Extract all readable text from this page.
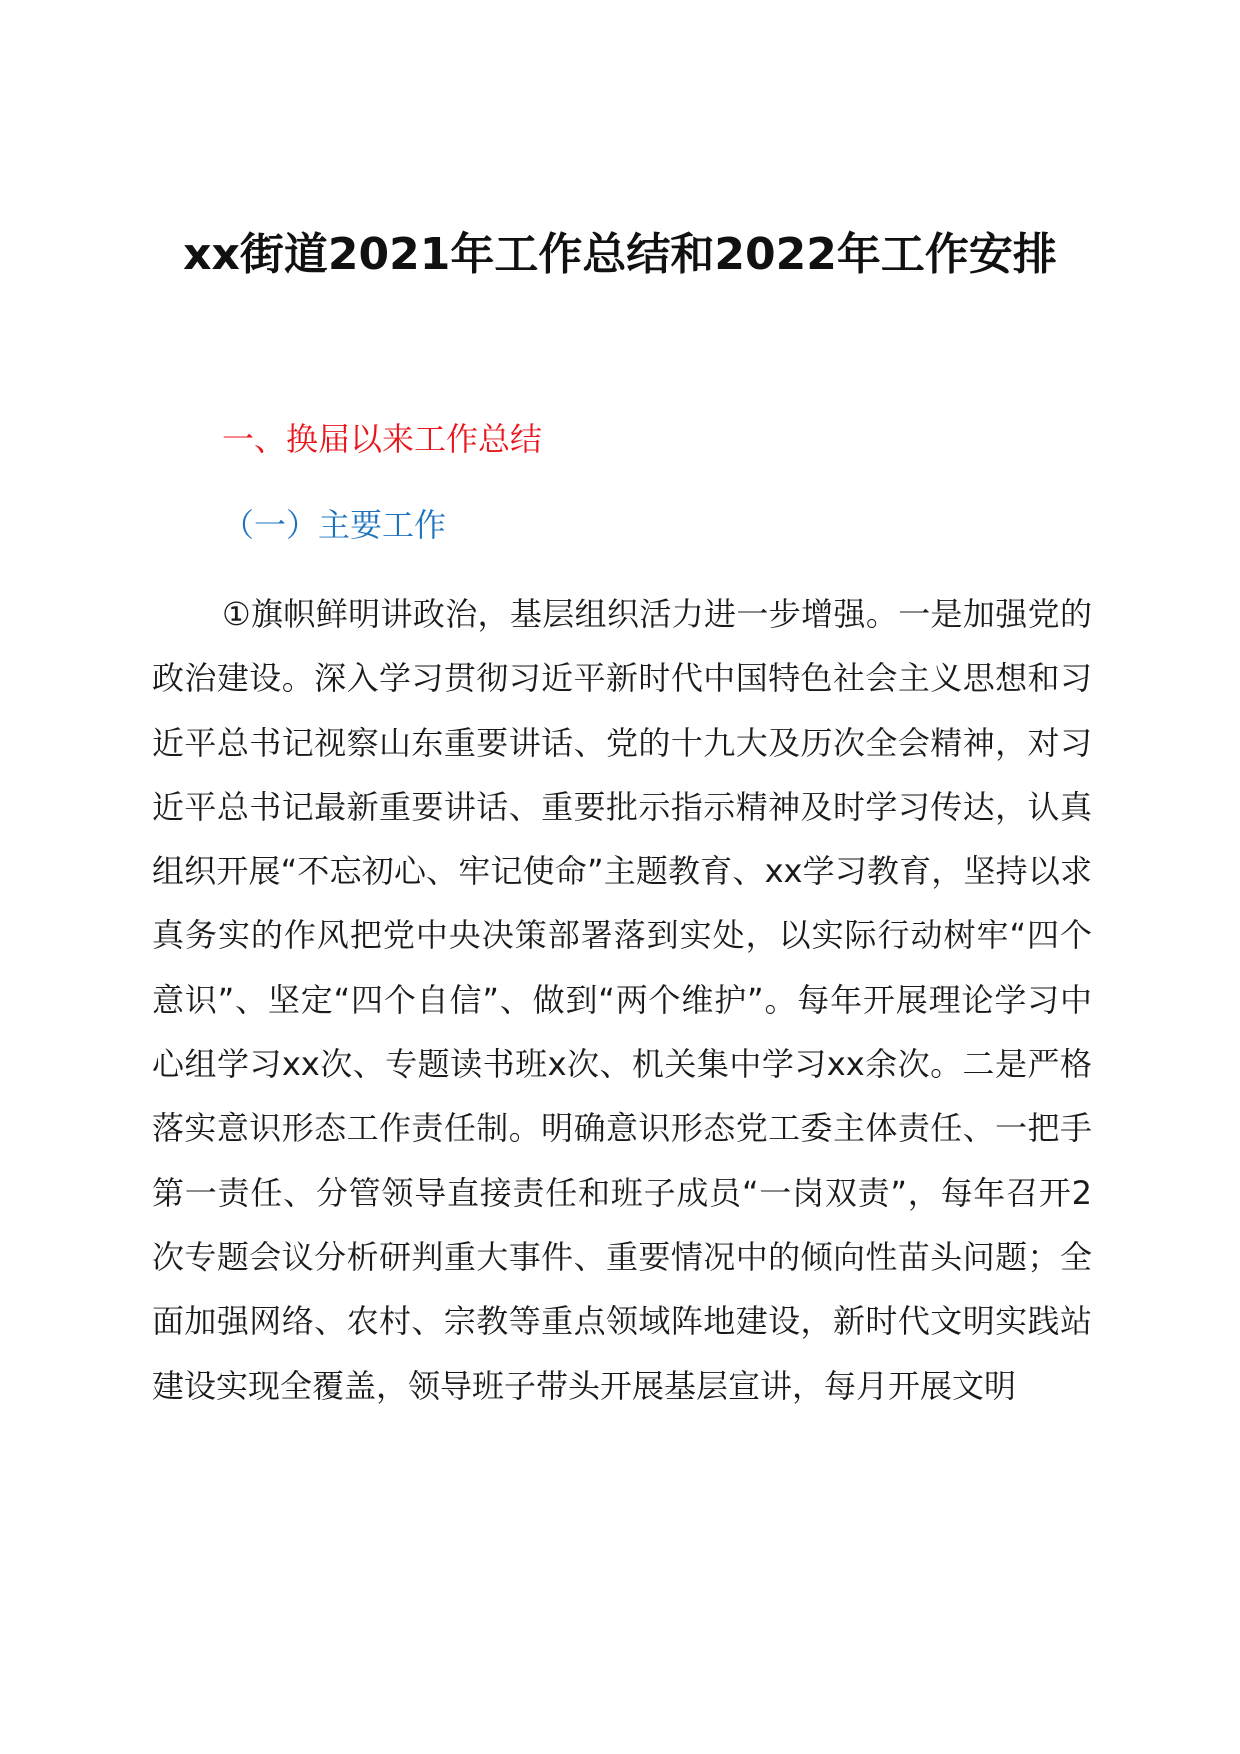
xx街道2021年工作总结和2022年工作安排
一、换届以来工作总结
（一）主要工作

①旗帜鲜明讲政治，基层组织活力进一步增强。一是加强党的政治建设。深入学习贯彻习近平新时代中国特色社会主义思想和习近平总书记视察山东重要讲话、党的十九大及历次全会精神，对习近平总书记最新重要讲话、重要批示指示精神及时学习传达，认真组织开展“不忘初心、牢记使命”主题教育、xx学习教育，坚持以求真务实的作风把党中央决策部署落到实处，以实际行动树牢“四个意识”、坚定“四个自信”、做到“两个维护”。每年开展理论学习中心组学习xx次、专题读书班x次、机关集中学习xx余次。二是严格落实意识形态工作责任制。明确意识形态党工委主体责任、一把手第一责任、分管领导直接责任和班子成员“一岗双责”，每年召开2次专题会议分析研判重大事件、重要情况中的倾向性苗头问题；全面加强网络、农村、宗教等重点领域阵地建设，新时代文明实践站建设实现全覆盖，领导班子带头开展基层宣讲，每月开展文明
